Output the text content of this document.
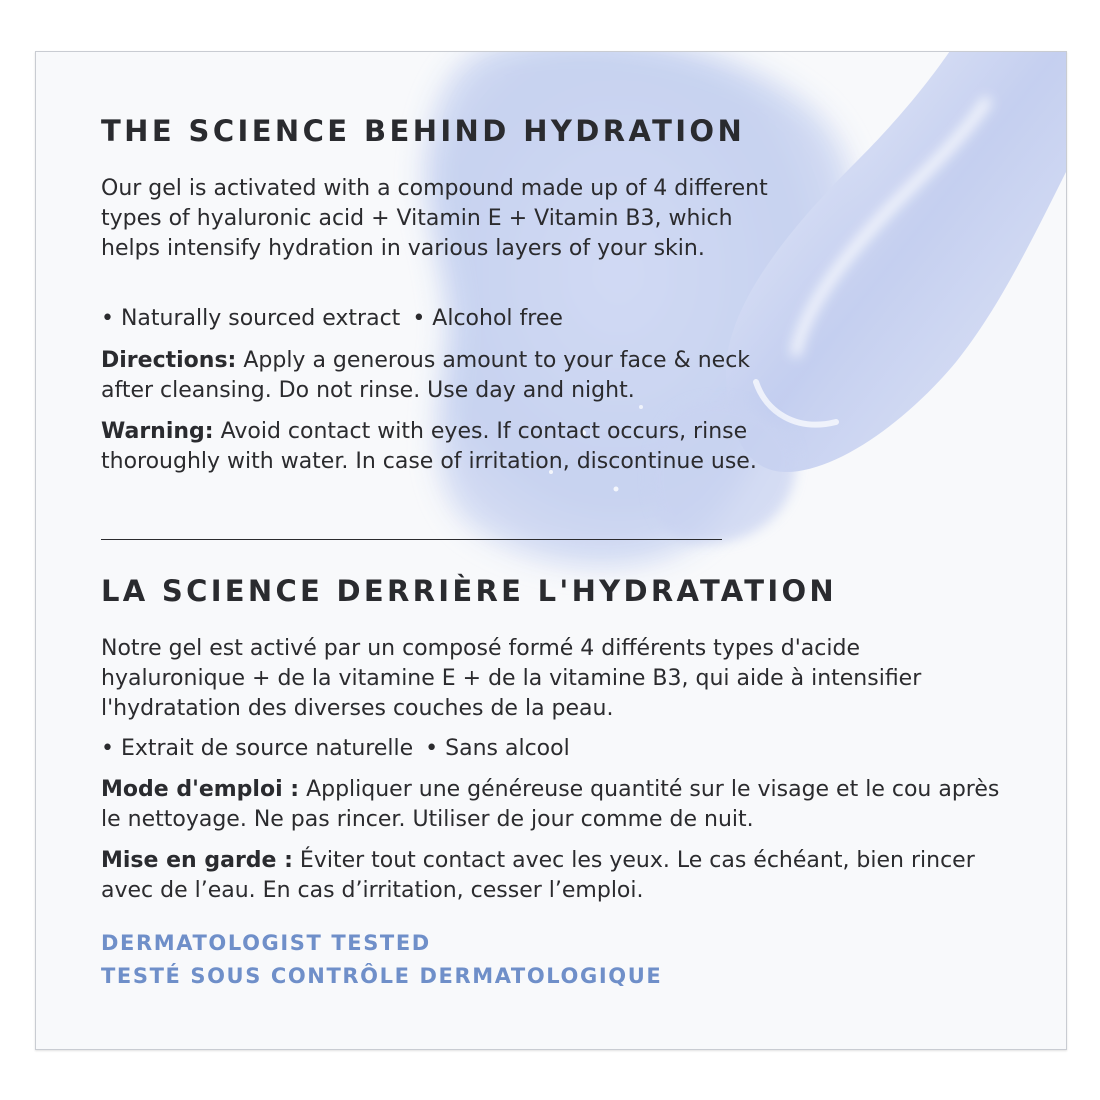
THE SCIENCE BEHIND HYDRATION

Our gel is activated with a compound made up of 4 different types of hyaluronic acid + Vitamin E + Vitamin B3, which helps intensify hydration in various layers of your skin.

• Naturally sourced extract • Alcohol free

Directions: Apply a generous amount to your face & neck after cleansing. Do not rinse. Use day and night.

Warning: Avoid contact with eyes. If contact occurs, rinse thoroughly with water. In case of irritation, discontinue use.

LA SCIENCE DERRIÈRE L'HYDRATATION

Notre gel est activé par un composé formé 4 différents types d'acide hyaluronique + de la vitamine E + de la vitamine B3, qui aide à intensifier l'hydratation des diverses couches de la peau.

• Extrait de source naturelle • Sans alcool

Mode d'emploi : Appliquer une généreuse quantité sur le visage et le cou après le nettoyage. Ne pas rincer. Utiliser de jour comme de nuit.

Mise en garde : Éviter tout contact avec les yeux. Le cas échéant, bien rincer avec de l’eau. En cas d’irritation, cesser l’emploi.

DERMATOLOGIST TESTED

TESTÉ SOUS CONTRÔLE DERMATOLOGIQUE
